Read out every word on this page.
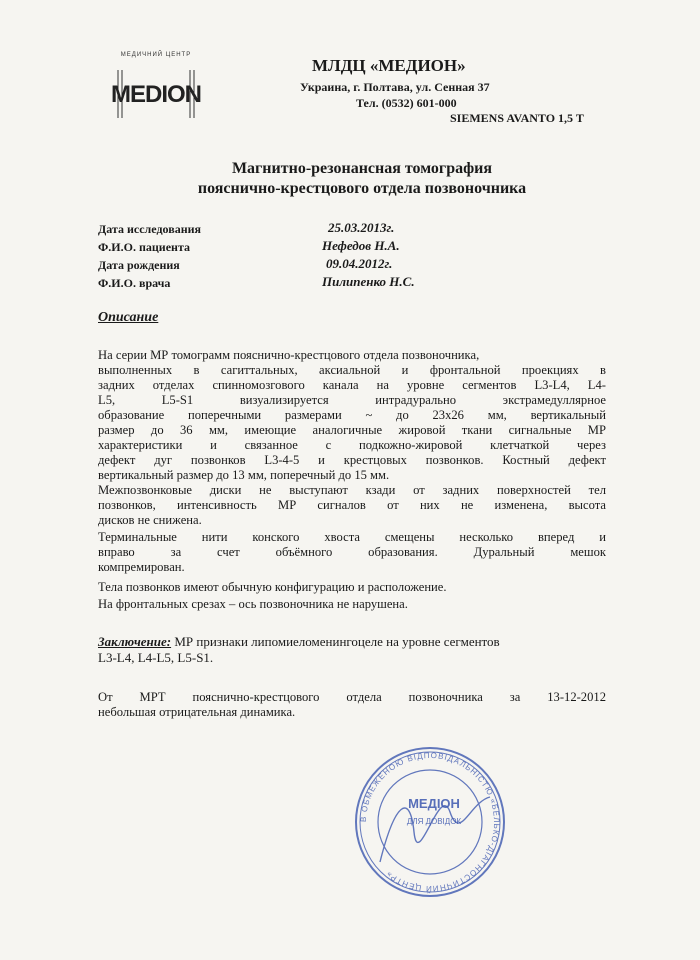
МЕДИЧНИЙ ЦЕНТР
MEDION
МЛДЦ «МЕДИОН»
Украина, г. Полтава, ул. Сенная 37
Тел. (0532) 601-000
SIEMENS AVANTO 1,5 T
Магнитно-резонансная томография
пояснично-крестцового отдела позвоночника
Дата исследования	25.03.2013г.
Ф.И.О. пациента	Нефедов Н.А.
Дата рождения	09.04.2012г.
Ф.И.О. врача	Пилипенко Н.С.
Описание
На серии МР томограмм пояснично-крестцового отдела позвоночника,
выполненных в сагиттальных, аксиальной и фронтальной проекциях в
задних отделах спинномозгового канала на уровне сегментов L3-L4, L4-
L5, L5-S1 визуализируется интрадурально экстрамедуллярное
образование поперечными размерами ~ до 23х26 мм, вертикальный
размер до 36 мм, имеющие аналогичные жировой ткани сигнальные МР
характеристики и связанное с подкожно-жировой клетчаткой через
дефект дуг позвонков L3-4-5 и крестцовых позвонков. Костный дефект
вертикальный размер до 13 мм, поперечный до 15 мм.
Межпозвонковые диски не выступают кзади от задних поверхностей тел
позвонков, интенсивность МР сигналов от них не изменена, высота
дисков не снижена.
Терминальные нити конского хвоста смещены несколько вперед и
вправо за счет объёмного образования. Дуральный мешок
компремирован.
Тела позвонков имеют обычную конфигурацию и расположение.
На фронтальных срезах – ось позвоночника не нарушена.
Заключение: МР признаки липомиеломенингоцеле на уровне сегментов
L3-L4, L4-L5, L5-S1.
От МРТ пояснично-крестцового отдела позвоночника за 13-12-2012
небольшая отрицательная динамика.
В ОБМЕЖЕНОЮ ВІДПОВІДАЛЬНІСТЮ «БЕЛЬКО-ДІАГНОСТИЧНИЙ ЦЕНТР»
МЕДІОН
ДЛЯ ДОВІДОК
